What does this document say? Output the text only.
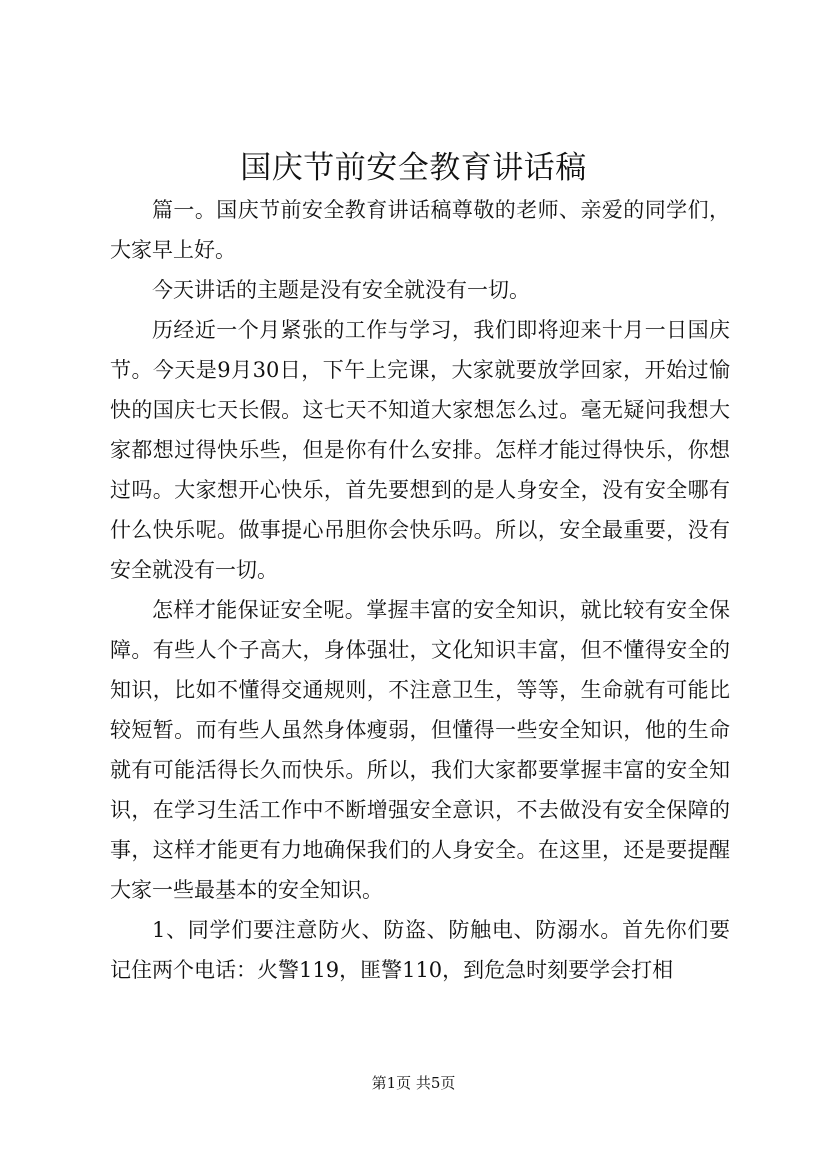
国庆节前安全教育讲话稿

篇一。国庆节前安全教育讲话稿尊敬的老师、亲爱的同学们，大家早上好。

今天讲话的主题是没有安全就没有一切。

历经近一个月紧张的工作与学习，我们即将迎来十月一日国庆节。今天是9月30日，下午上完课，大家就要放学回家，开始过愉快的国庆七天长假。这七天不知道大家想怎么过。毫无疑问我想大家都想过得快乐些，但是你有什么安排。怎样才能过得快乐，你想过吗。大家想开心快乐，首先要想到的是人身安全，没有安全哪有什么快乐呢。做事提心吊胆你会快乐吗。所以，安全最重要，没有安全就没有一切。

怎样才能保证安全呢。掌握丰富的安全知识，就比较有安全保障。有些人个子高大，身体强壮，文化知识丰富，但不懂得安全的知识，比如不懂得交通规则，不注意卫生，等等，生命就有可能比较短暂。而有些人虽然身体瘦弱，但懂得一些安全知识，他的生命就有可能活得长久而快乐。所以，我们大家都要掌握丰富的安全知识，在学习生活工作中不断增强安全意识，不去做没有安全保障的事，这样才能更有力地确保我们的人身安全。在这里，还是要提醒大家一些最基本的安全知识。

1、同学们要注意防火、防盗、防触电、防溺水。首先你们要记住两个电话：火警119，匪警110，到危急时刻要学会打相

第1页 共5页
